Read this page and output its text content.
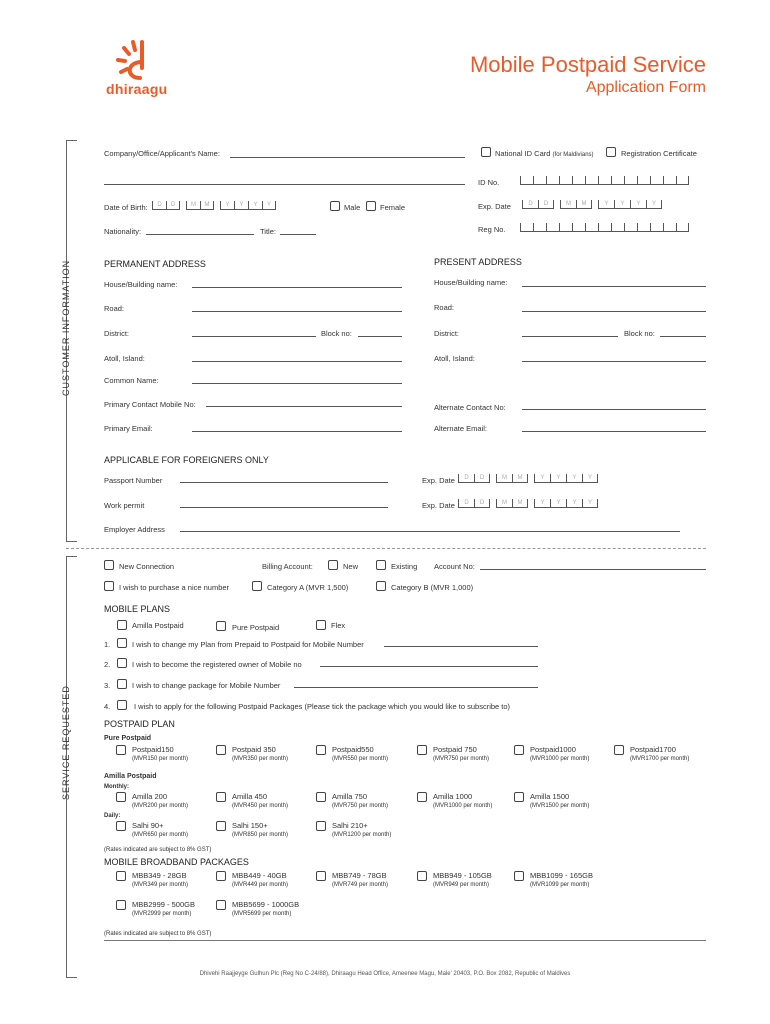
dhiraagu
Mobile Postpaid Service
Application Form
CUSTOMER INFORMATION
SERVICE REQUESTED
Company/Office/Applicant's Name:	National ID Card (for Maldivians)	Registration Certificate
ID No.
Date of Birth:	D	D	M	M	Y	Y	Y	Y	Male	Female	Exp. Date	D	D	M	M	Y	Y	Y	Y
Nationality:	Title:	Reg No.
PERMANENT ADDRESS	PRESENT ADDRESS
House/Building name:	House/Building name:
Road:	Road:
District:	Block no:	District:	Block no:
Atoll, Island:	Atoll, Island:
Common Name:
Primary Contact Mobile No:	Alternate Contact No:
Primary Email:	Alternate Email:
APPLICABLE FOR FOREIGNERS ONLY
Passport Number	Exp. Date	D	D	M	M	Y	Y	Y	Y
Work permit	Exp. Date	D	D	M	M	Y	Y	Y	Y
Employer Address
New Connection	Billing Account:	New	Existing Account No:
I wish to purchase a nice number	Category A (MVR 1,500)	Category B (MVR 1,000)
MOBILE PLANS
Amilla Postpaid	Pure Postpaid	Flex
1.	I wish to change my Plan from Prepaid to Postpaid for Mobile Number
2.	I wish to become the registered owner of Mobile no
3.	I wish to change package for Mobile Number
4.	I wish to apply for the following Postpaid Packages (Please tick the package which you would like to subscribe to)
POSTPAID PLAN
Pure Postpaid
Postpaid150
(MVR150 per month)
Postpaid 350
(MVR350 per month)
Postpaid550
(MVR550 per month)
Postpaid 750
(MVR750 per month)
Postpaid1000
(MVR1000 per month)
Postpaid1700
(MVR1700 per month)
Amilla Postpaid
Monthly:
Amilla 200
(MVR200 per month)
Amilla 450
(MVR450 per month)
Amilla 750
(MVR750 per month)
Amilla 1000
(MVR1000 per month)
Amilla 1500
(MVR1500 per month)
Daily:
Salhi 90+
(MVR650 per month)
Salhi 150+
(MVR850 per month)
Salhi 210+
(MVR1200 per month)
(Rates indicated are subject to 8% GST)
MOBILE BROADBAND PACKAGES
MBB349 - 28GB
(MVR349 per month)
MBB449 - 40GB
(MVR449 per month)
MBB749 - 78GB
(MVR749 per month)
MBB949 - 105GB
(MVR949 per month)
MBB1099 - 165GB
(MVR1099 per month)
MBB2999 - 500GB
(MVR2999 per month)
MBB5699 - 1000GB
(MVR5699 per month)
(Rates indicated are subject to 8% GST)
Dhivehi Raajjeyge Gulhun Plc (Reg No C-24/88), Dhiraagu Head Office, Ameeneе Magu, Male' 20403, P.O. Box 2082, Republic of Maldives
